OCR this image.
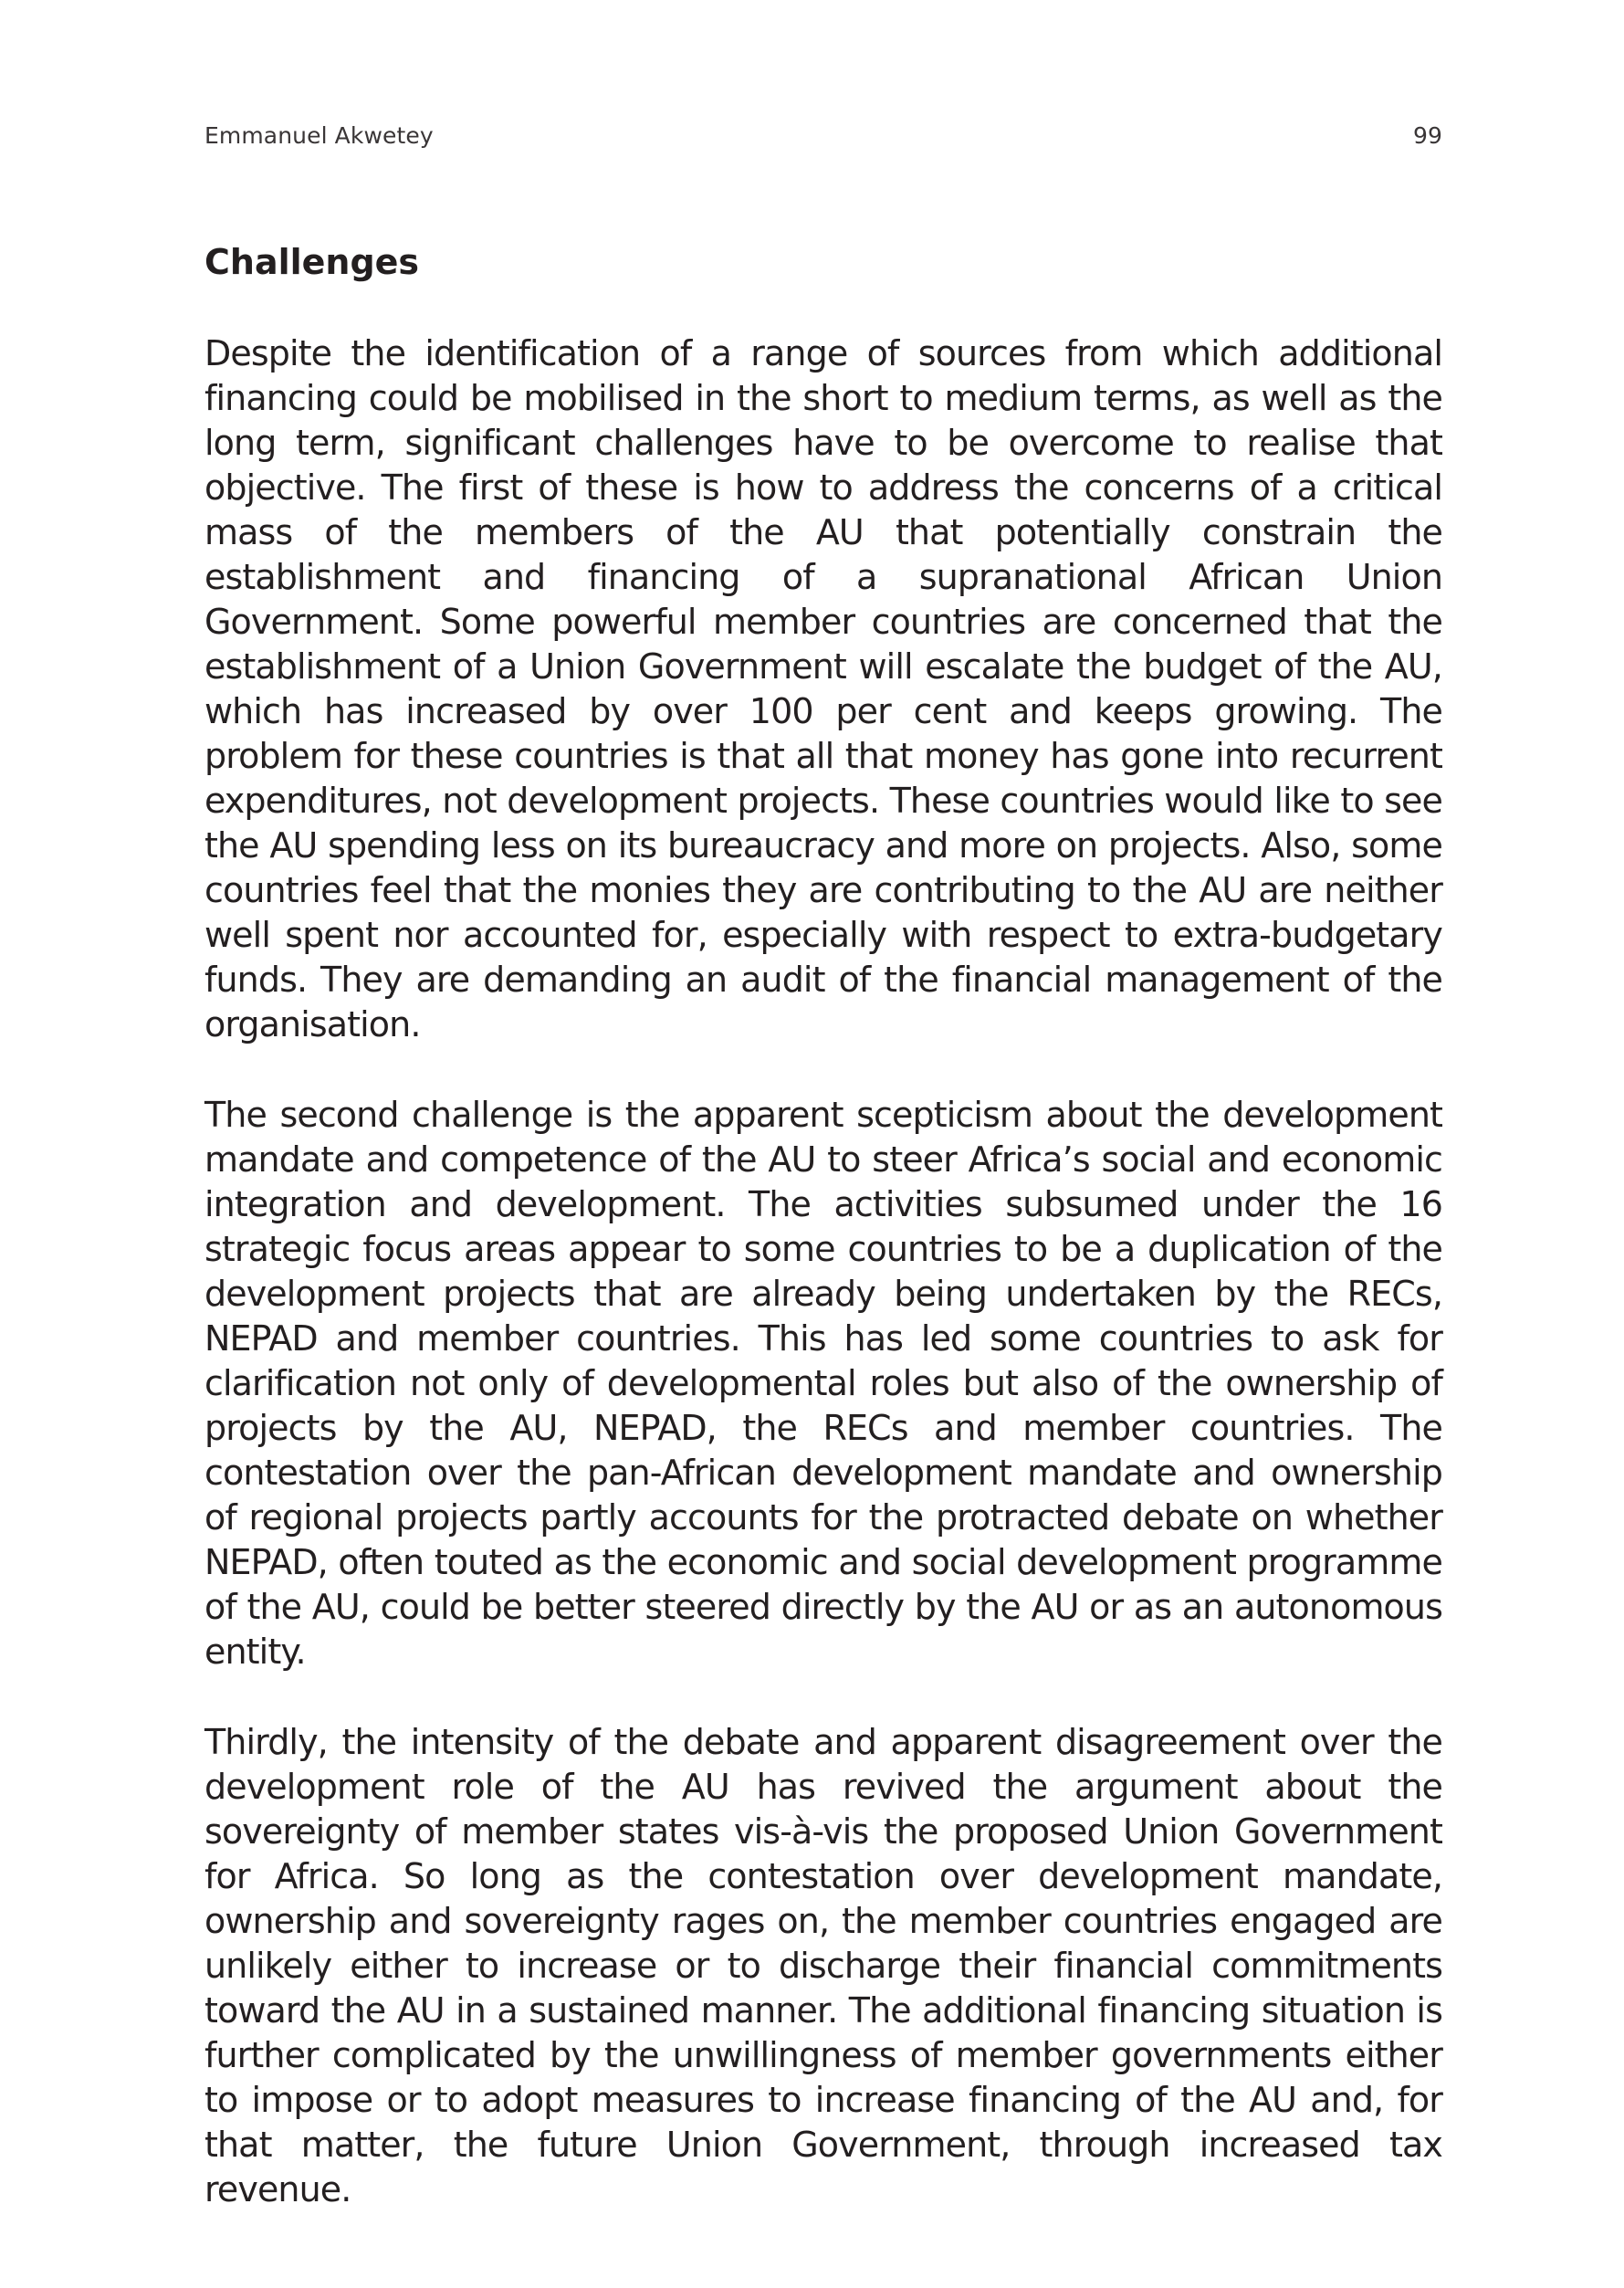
Emmanuel Akwetey	99
Challenges

Despite the identification of a range of sources from which additional financing could be mobilised in the short to medium terms, as well as the long term, significant challenges have to be overcome to realise that objective. The first of these is how to address the concerns of a critical mass of the members of the AU that potentially constrain the establishment and financing of a supranational African Union Government. Some powerful member countries are concerned that the establishment of a Union Government will escalate the budget of the AU, which has increased by over 100 per cent and keeps growing. The problem for these countries is that all that money has gone into recurrent expenditures, not development projects. These countries would like to see the AU spending less on its bureaucracy and more on projects. Also, some countries feel that the monies they are contributing to the AU are neither well spent nor accounted for, especially with respect to extra-budgetary funds. They are demanding an audit of the financial management of the organisation.

The second challenge is the apparent scepticism about the development mandate and competence of the AU to steer Africa’s social and economic integration and development. The activities subsumed under the 16 strategic focus areas appear to some countries to be a duplication of the development projects that are already being undertaken by the RECs, NEPAD and member countries. This has led some countries to ask for clarification not only of developmental roles but also of the ownership of projects by the AU, NEPAD, the RECs and member countries. The contestation over the pan-African development mandate and ownership of regional projects partly accounts for the protracted debate on whether NEPAD, often touted as the economic and social development programme of the AU, could be better steered directly by the AU or as an autonomous entity.

Thirdly, the intensity of the debate and apparent disagreement over the development role of the AU has revived the argument about the sovereignty of member states vis-à-vis the proposed Union Government for Africa. So long as the contestation over development mandate, ownership and sovereignty rages on, the member countries engaged are unlikely either to increase or to discharge their financial commitments toward the AU in a sustained manner. The additional financing situation is further complicated by the unwillingness of member governments either to impose or to adopt measures to increase financing of the AU and, for that matter, the future Union Government, through increased tax revenue.
